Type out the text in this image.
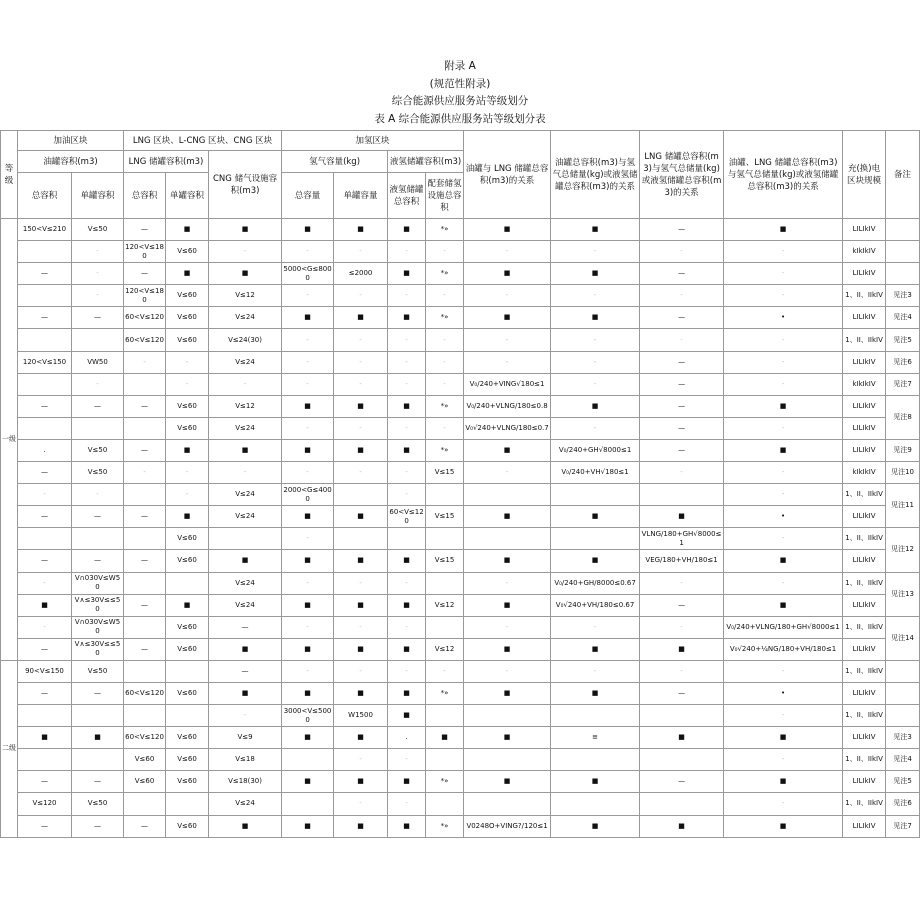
附录 A
(规范性附录)
综合能源供应服务站等级划分
表 A 综合能源供应服务站等级划分表
等级	加油区块		LNG 区块、L-CNG 区块、CNG 区块			加氢区块				油罐与 LNG 储罐总容积(m3)的关系	油罐总容积(m3)与氢气总储量(kg)或液氢储罐总容积(m3)的关系	LNG 储罐总容积(m3)与氢气总储量(kg)或液氢储罐总容积(m3)的关系	油罐、LNG 储罐总容积(m3)与氢气总储量(kg)或液氢储罐总容积(m3)的关系	充(换)电区块规模	备注
	油罐容积(m3)		LNG 储罐容积(m3)		CNG 储气设施容积(m3)	氢气容量(kg)		液氢储罐容积(m3)							
	总容积	单罐容积	总容积	单罐容积		总容量	单罐容量	液氢储罐总容积	配套储氢设施总容积						
一级	150<V≤210	V≤50	—	■	■	■	■	■	*»	■	■	—	■	LILIkIV	
		-	120<V≤180	V≤60	-	-	-	-	-	-	-	-	-	kIkIkIV	
	—	-	—	■	■	5000<G≤8000	≤2000	■	*»	■	■	—	-	LILIkIV	
		-	120<V≤180	V≤60	V≤12	-	-	-	-	-	-	-	-	1、II、IIkIV	见注3
	—	—	60<V≤120	V≤60	V≤24	■	■	■	*»	■	■	—	•	LILIkIV	见注4
			60<V≤120	V≤60	V≤24(30)	-	-	-	-	-	-	-	-	1、II、IIkIV	见注5
	120<V≤150	VW50	-	-	V≤24	-	-	-	-	-	-	—	-	LILIkIV	见注6
		-		-	-	-	-	-	-	V₀/240+VING√180≤1	-	—	-	kIkIkIV	见注7
	—	—	—	V≤60	V≤12	■	■	■	*»	V₀/240+VLNG/180≤0.8	■	—	■	LILIkIV	见注8
				V≤60	V≤24	-	-	-	-	V₀√240+VLNG/180≤0.7	-	—	-	LILIkIV	
	.	V≤50	—	■	■	■	■	■	*»	■	V₀/240+GH√8000≤1	—	■	LILIkIV	见注9
	—	V≤50	-	-	-	-	-	-	V≤15	-	V₀/240+VH√180≤1	-	-	kIkIkIV	见注10
	-	-		-	V≤24	2000<G≤4000		-					-	1、II、IIkIV	见注11
	—	—	—	■	V≤24	■	■	60<V≤120	V≤15	■	■	■	•	LILIkIV	
				V≤60		-						VLNG/180+GH√8000≤1	-	1、II、IIkIV	见注12
	—	—	—	V≤60	■	■	■	■	V≤15	■	■	VEG/180+VH/180≤1	■	LILIkIV	
	-	V∩030V≤W50			V≤24	-	-	-		-	V₀/240+GH/8000≤0.67	-	-	1、II、IIkIV	见注13
	■	V∧≤30V≤≤50	—	■	V≤24	■	■	■	V≤12	■	V₀√240+VH/180≤0.67	—	■	LILIkIV	
	-	V∩030V≤W50		V≤60	—	-	-	-		-	-	-	V₀/240+VLNG/180+GH√8000≤1	1、II、IIkIV	见注14
	—	V∧≤30V≤≤50	—	V≤60	■	■	■	■	V≤12	■	■	■	V₀√240+¼NG/180+VH/180≤1	LILIkIV	
二级	90<V≤150	V≤50			—	-	-	-	-	-	-	-	-	1、II、IIkIV	
	—	—	60<V≤120	V≤60	■	■	■	■	*»	■	■	—	•	LILIkIV	
					-	3000<V≤5000	W1500	■					-	1、II、IIkIV	
	■	■	60<V≤120	V≤60	V≤9	■	■	.	■	■	≡	■	■	LILIkIV	见注3
			V≤60	V≤60	V≤18		-	-					-	1、II、IIkIV	见注4
	—	—	V≤60	V≤60	V≤18(30)	■	■	■	*»	■	■	—	■	LILIkIV	见注5
	V≤120	V≤50			V≤24		-	-					-	1、II、IIkIV	见注6
	—	—	—	V≤60	■	■	■	■	*»	V0248O+VING?/120≤1	■	■	■	LILIkIV	见注7
